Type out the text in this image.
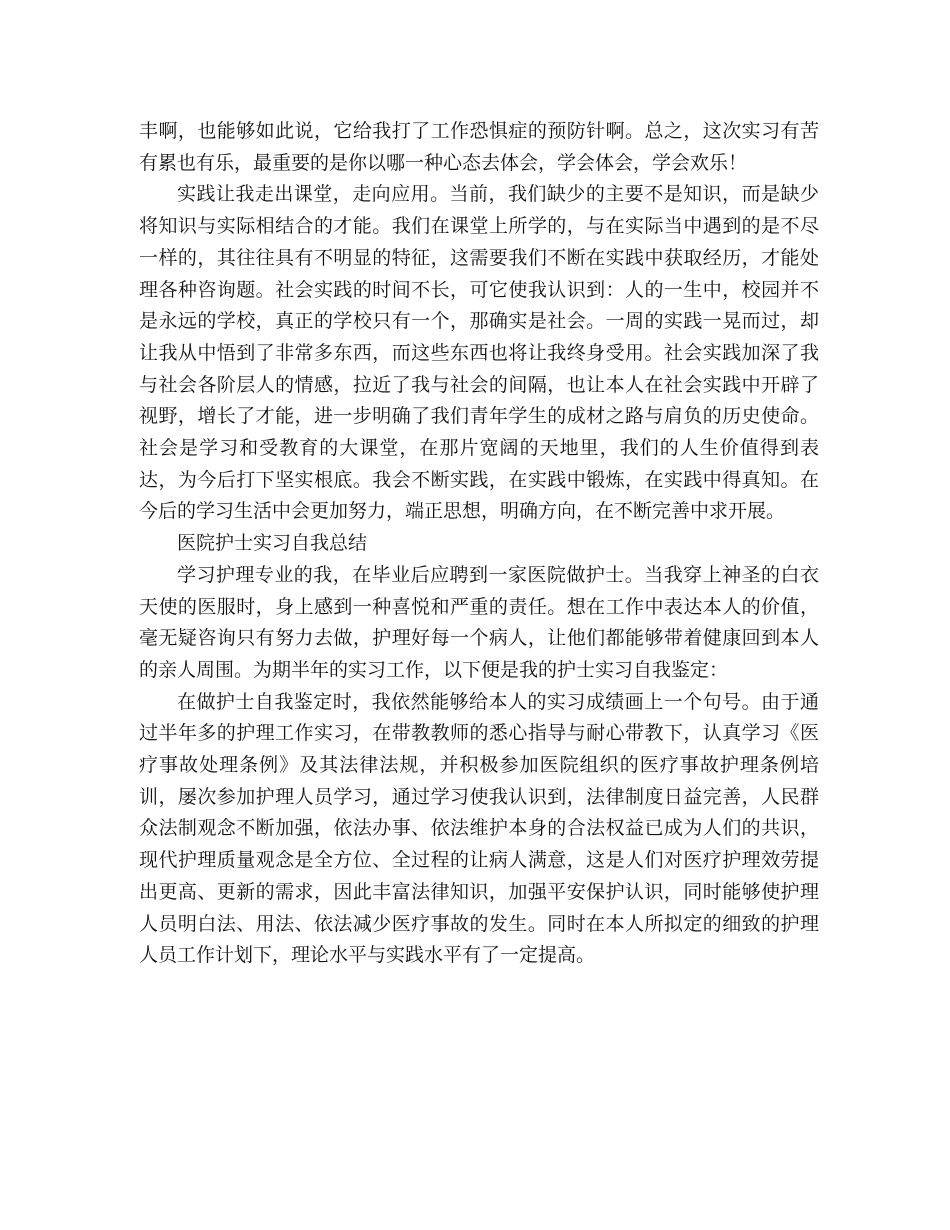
丰啊，也能够如此说，它给我打了工作恐惧症的预防针啊。总之，这次实习有苦有累也有乐，最重要的是你以哪一种心态去体会，学会体会，学会欢乐！

实践让我走出课堂，走向应用。当前，我们缺少的主要不是知识，而是缺少将知识与实际相结合的才能。我们在课堂上所学的，与在实际当中遇到的是不尽一样的，其往往具有不明显的特征，这需要我们不断在实践中获取经历，才能处理各种咨询题。社会实践的时间不长，可它使我认识到：人的一生中，校园并不是永远的学校，真正的学校只有一个，那确实是社会。一周的实践一晃而过，却让我从中悟到了非常多东西，而这些东西也将让我终身受用。社会实践加深了我与社会各阶层人的情感，拉近了我与社会的间隔，也让本人在社会实践中开辟了视野，增长了才能，进一步明确了我们青年学生的成材之路与肩负的历史使命。社会是学习和受教育的大课堂，在那片宽阔的天地里，我们的人生价值得到表达，为今后打下坚实根底。我会不断实践，在实践中锻炼，在实践中得真知。在今后的学习生活中会更加努力，端正思想，明确方向，在不断完善中求开展。

医院护士实习自我总结

学习护理专业的我，在毕业后应聘到一家医院做护士。当我穿上神圣的白衣天使的医服时，身上感到一种喜悦和严重的责任。想在工作中表达本人的价值，毫无疑咨询只有努力去做，护理好每一个病人，让他们都能够带着健康回到本人的亲人周围。为期半年的实习工作，以下便是我的护士实习自我鉴定：

在做护士自我鉴定时，我依然能够给本人的实习成绩画上一个句号。由于通过半年多的护理工作实习，在带教教师的悉心指导与耐心带教下，认真学习《医疗事故处理条例》及其法律法规，并积极参加医院组织的医疗事故护理条例培训，屡次参加护理人员学习，通过学习使我认识到，法律制度日益完善，人民群众法制观念不断加强，依法办事、依法维护本身的合法权益已成为人们的共识，现代护理质量观念是全方位、全过程的让病人满意，这是人们对医疗护理效劳提出更高、更新的需求，因此丰富法律知识，加强平安保护认识，同时能够使护理人员明白法、用法、依法减少医疗事故的发生。同时在本人所拟定的细致的护理人员工作计划下，理论水平与实践水平有了一定提高。
